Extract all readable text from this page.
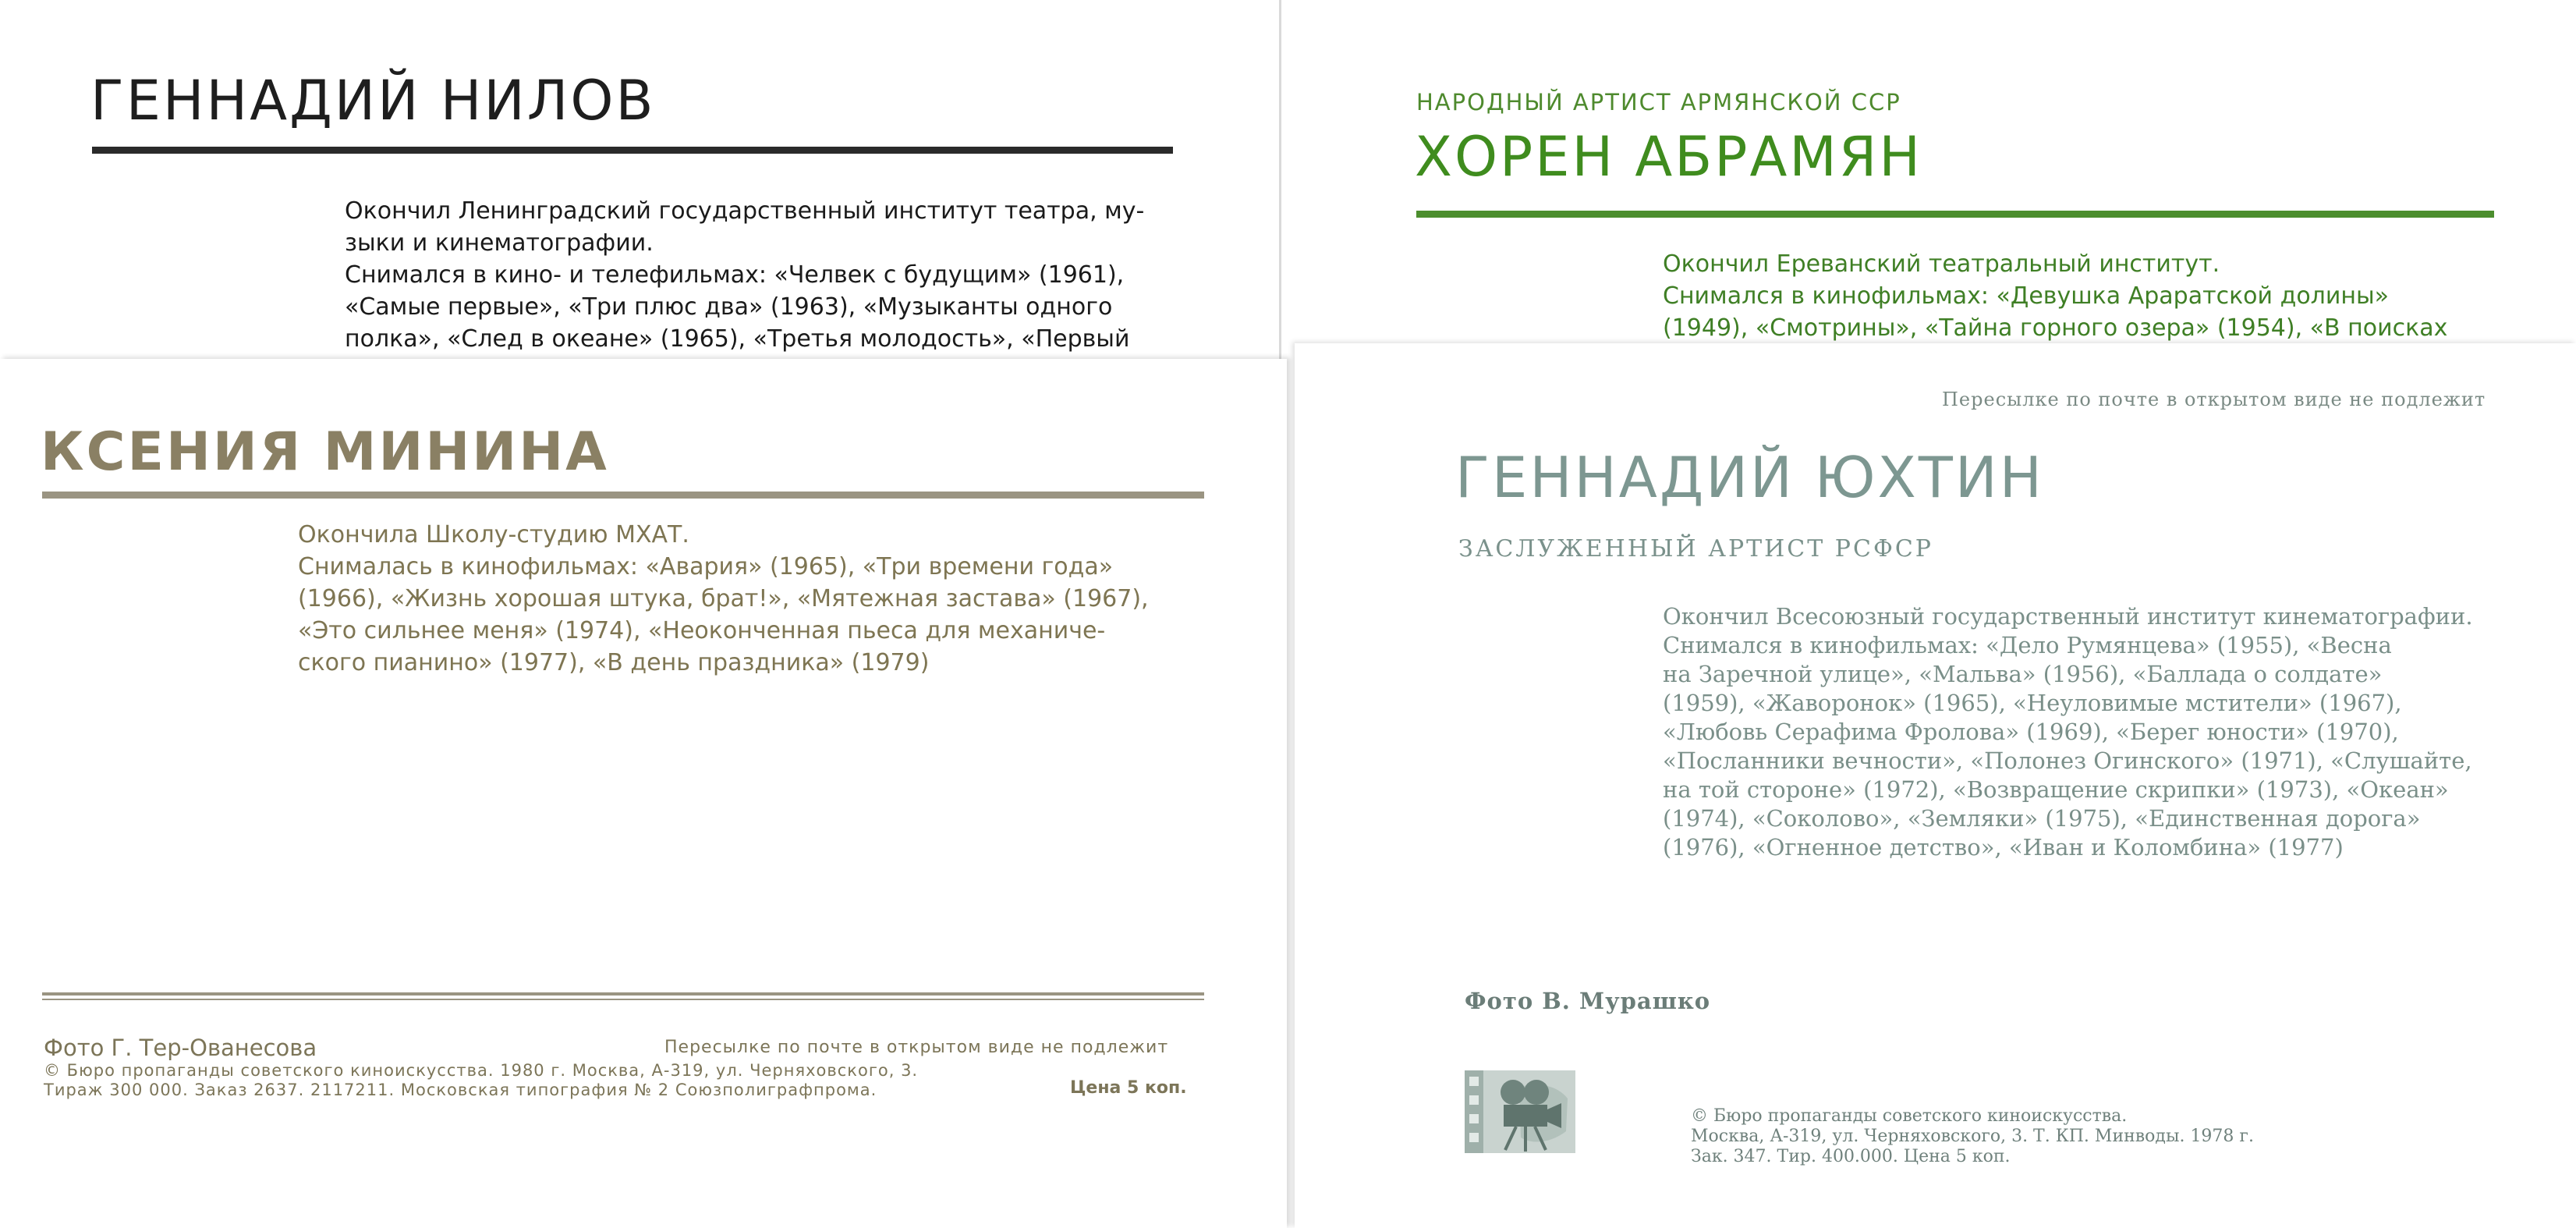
ГЕННАДИЙ НИЛОВ
Окончил Ленинградский государственный институт театра, му-
зыки и кинематографии.
Снимался в кино- и телефильмах: «Челвек с будущим» (1961),
«Самые первые», «Три плюс два» (1963), «Музыканты одного
полка», «След в океане» (1965), «Третья молодость», «Первый
НАРОДНЫЙ АРТИСТ АРМЯНСКОЙ ССР
ХОРЕН АБРАМЯН
Окончил Ереванский театральный институт.
Снимался в кинофильмах: «Девушка Араратской долины»
(1949), «Смотрины», «Тайна горного озера» (1954), «В поисках
КСЕНИЯ МИНИНА
Окончила Школу-студию МХАТ.
Снималась в кинофильмах: «Авария» (1965), «Три времени года»
(1966), «Жизнь хорошая штука, брат!», «Мятежная застава» (1967),
«Это сильнее меня» (1974), «Неоконченная пьеса для механиче-
ского пианино» (1977), «В день праздника» (1979)
Фото Г. Тер-Ованесова	Пересылке по почте в открытом виде не подлежит
© Бюро пропаганды советского киноискусства. 1980 г. Москва, А-319, ул. Черняховского, 3.
Тираж 300 000. Заказ 2637. 2117211. Московская типография № 2 Союзполиграфпрома.	Цена 5 коп.
Пересылке по почте в открытом виде не подлежит
ГЕННАДИЙ ЮХТИН
ЗАСЛУЖЕННЫЙ АРТИСТ РСФСР
Окончил Всесоюзный государственный институт кинематографии.
Снимался в кинофильмах: «Дело Румянцева» (1955), «Весна
на Заречной улице», «Мальва» (1956), «Баллада о солдате»
(1959), «Жаворонок» (1965), «Неуловимые мстители» (1967),
«Любовь Серафима Фролова» (1969), «Берег юности» (1970),
«Посланники вечности», «Полонез Огинского» (1971), «Слушайте,
на той стороне» (1972), «Возвращение скрипки» (1973), «Океан»
(1974), «Соколово», «Земляки» (1975), «Единственная дорога»
(1976), «Огненное детство», «Иван и Коломбина» (1977)
Фото В. Мурашко
© Бюро пропаганды советского киноискусства.
Москва, А-319, ул. Черняховского, 3. Т. КП. Минводы. 1978 г.
Зак. 347. Тир. 400.000. Цена 5 коп.
